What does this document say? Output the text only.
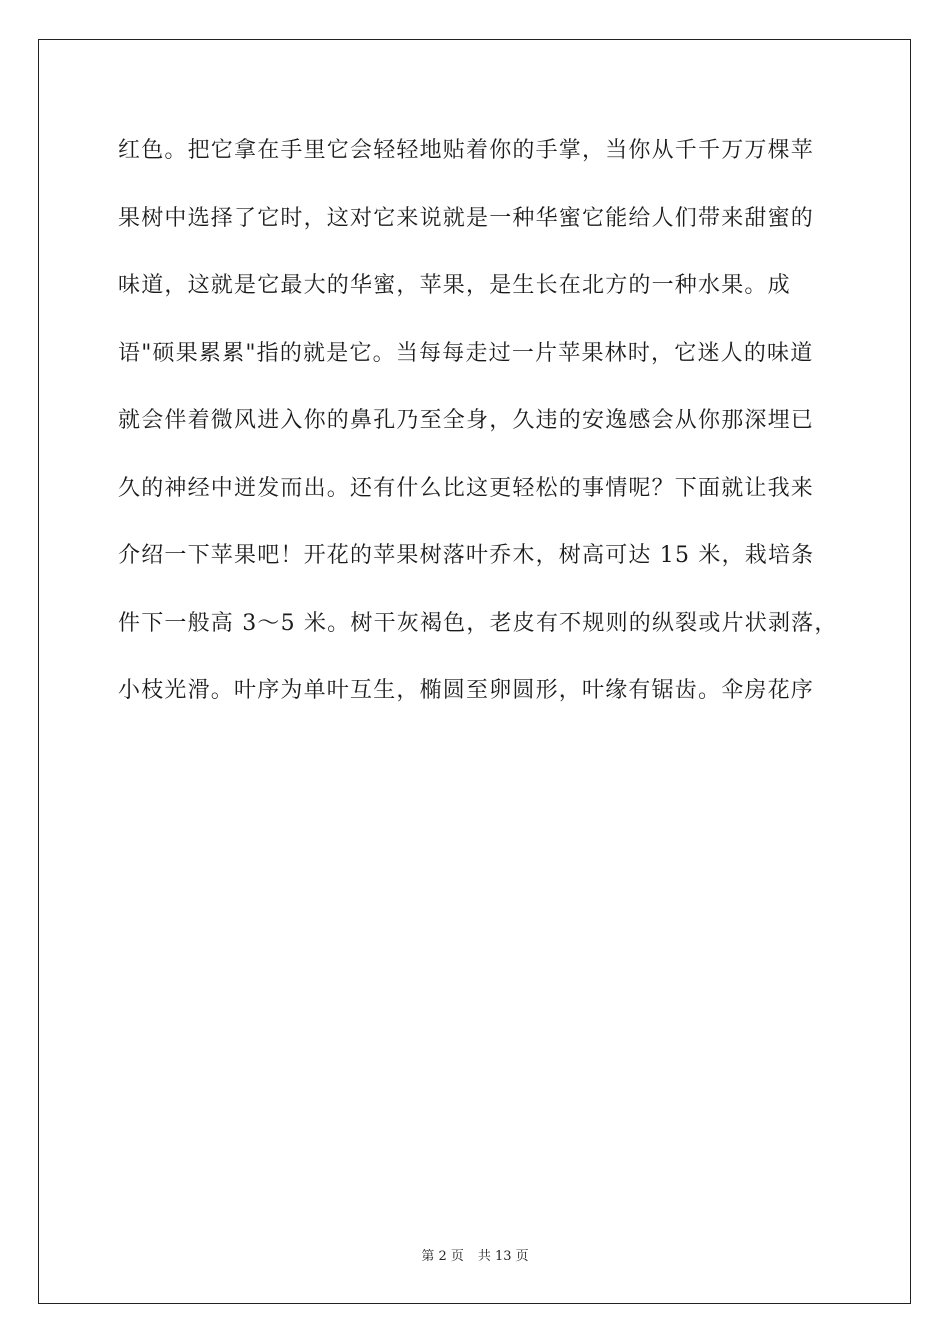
红色。把它拿在手里它会轻轻地贴着你的手掌，当你从千千万万棵苹
果树中选择了它时，这对它来说就是一种华蜜它能给人们带来甜蜜的
味道，这就是它最大的华蜜，苹果，是生长在北方的一种水果。成
语"硕果累累"指的就是它。当每每走过一片苹果林时，它迷人的味道
就会伴着微风进入你的鼻孔乃至全身，久违的安逸感会从你那深埋已
久的神经中迸发而出。还有什么比这更轻松的事情呢？下面就让我来
介绍一下苹果吧！开花的苹果树落叶乔木，树高可达 15 米，栽培条
件下一般高 3～5 米。树干灰褐色，老皮有不规则的纵裂或片状剥落，
小枝光滑。叶序为单叶互生，椭圆至卵圆形，叶缘有锯齿。伞房花序
第 2 页 共 13 页
